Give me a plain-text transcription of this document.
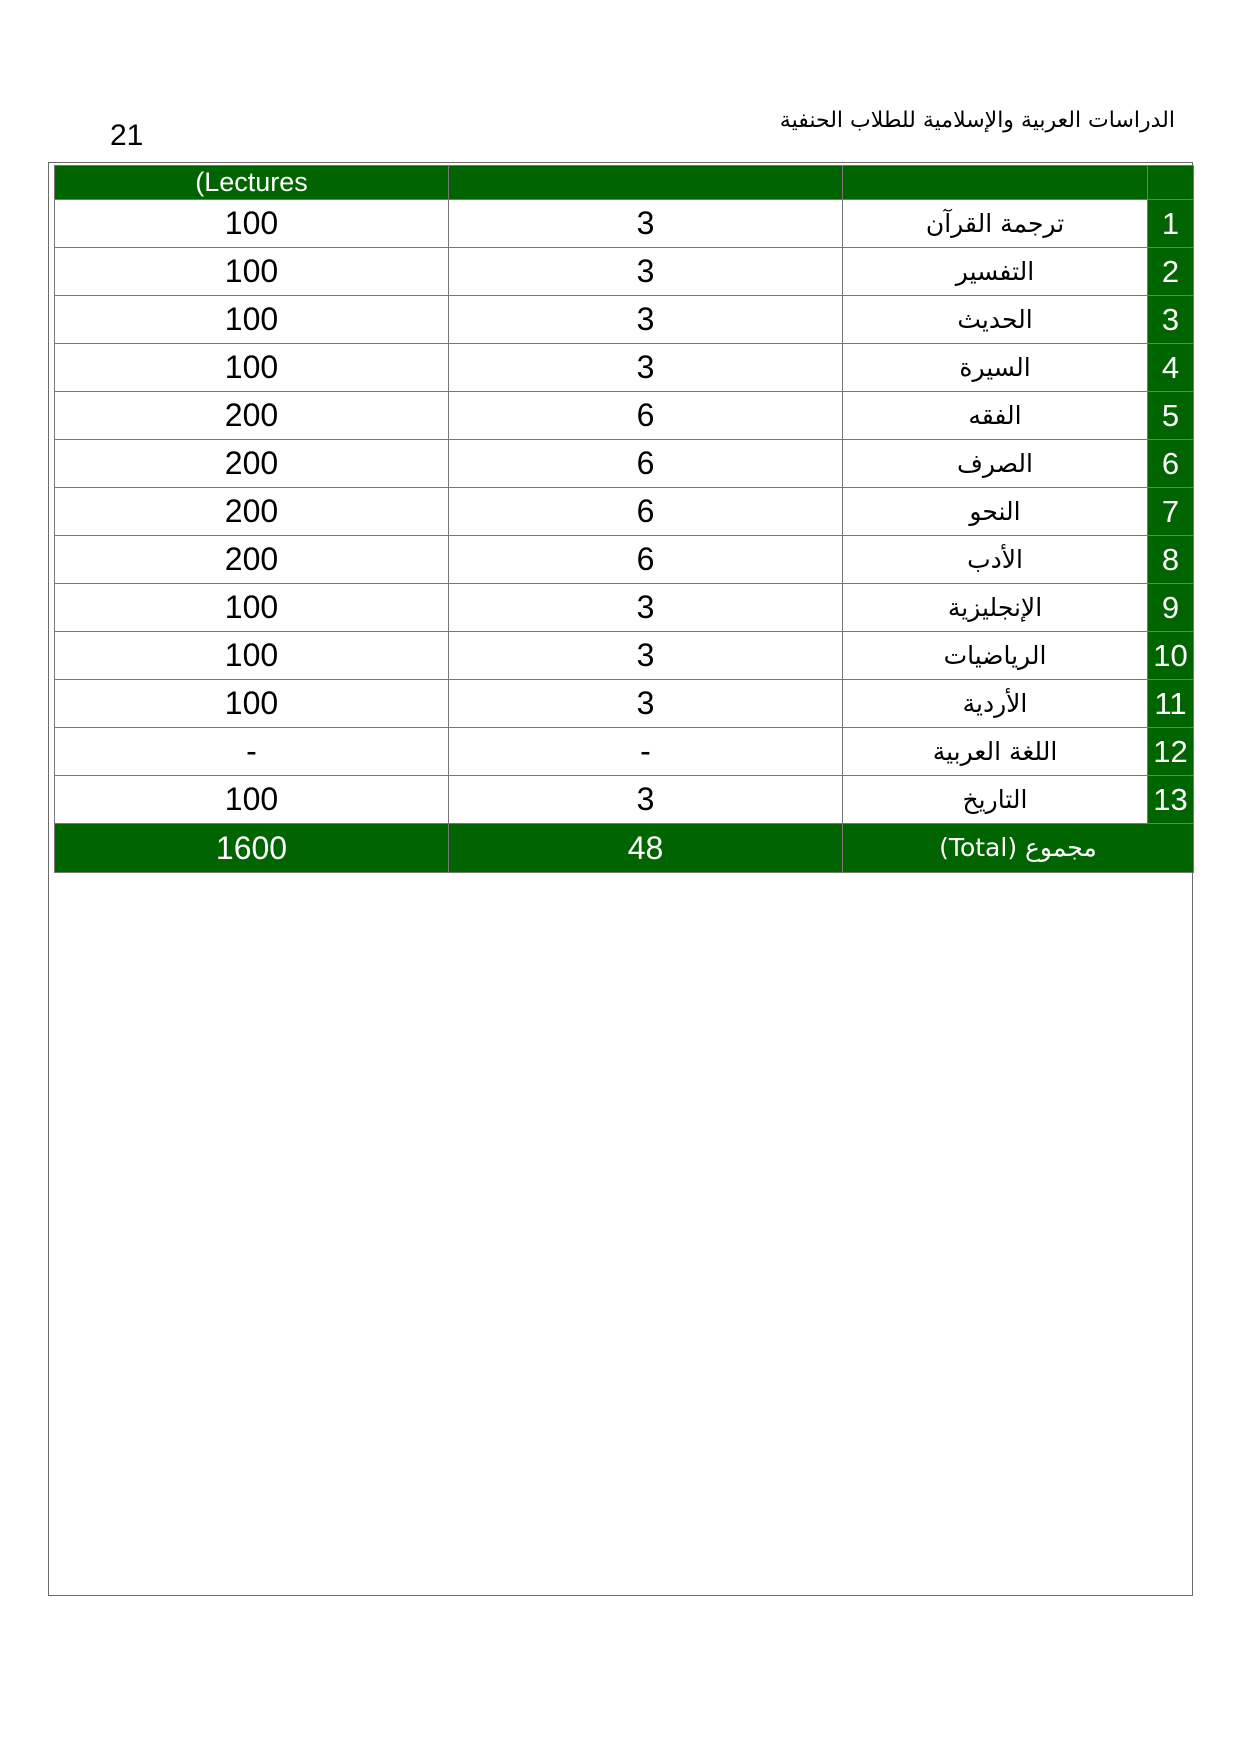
21	الدراسات العربية والإسلامية للطلاب الحنفية
(Lectures			
100	3	ترجمة القرآن	1
100	3	التفسير	2
100	3	الحديث	3
100	3	السيرة	4
200	6	الفقه	5
200	6	الصرف	6
200	6	النحو	7
200	6	الأدب	8
100	3	الإنجليزية	9
100	3	الرياضيات	10
100	3	الأردية	11
-	-	اللغة العربية	12
100	3	التاريخ	13
1600	48	مجموع (Total)	
